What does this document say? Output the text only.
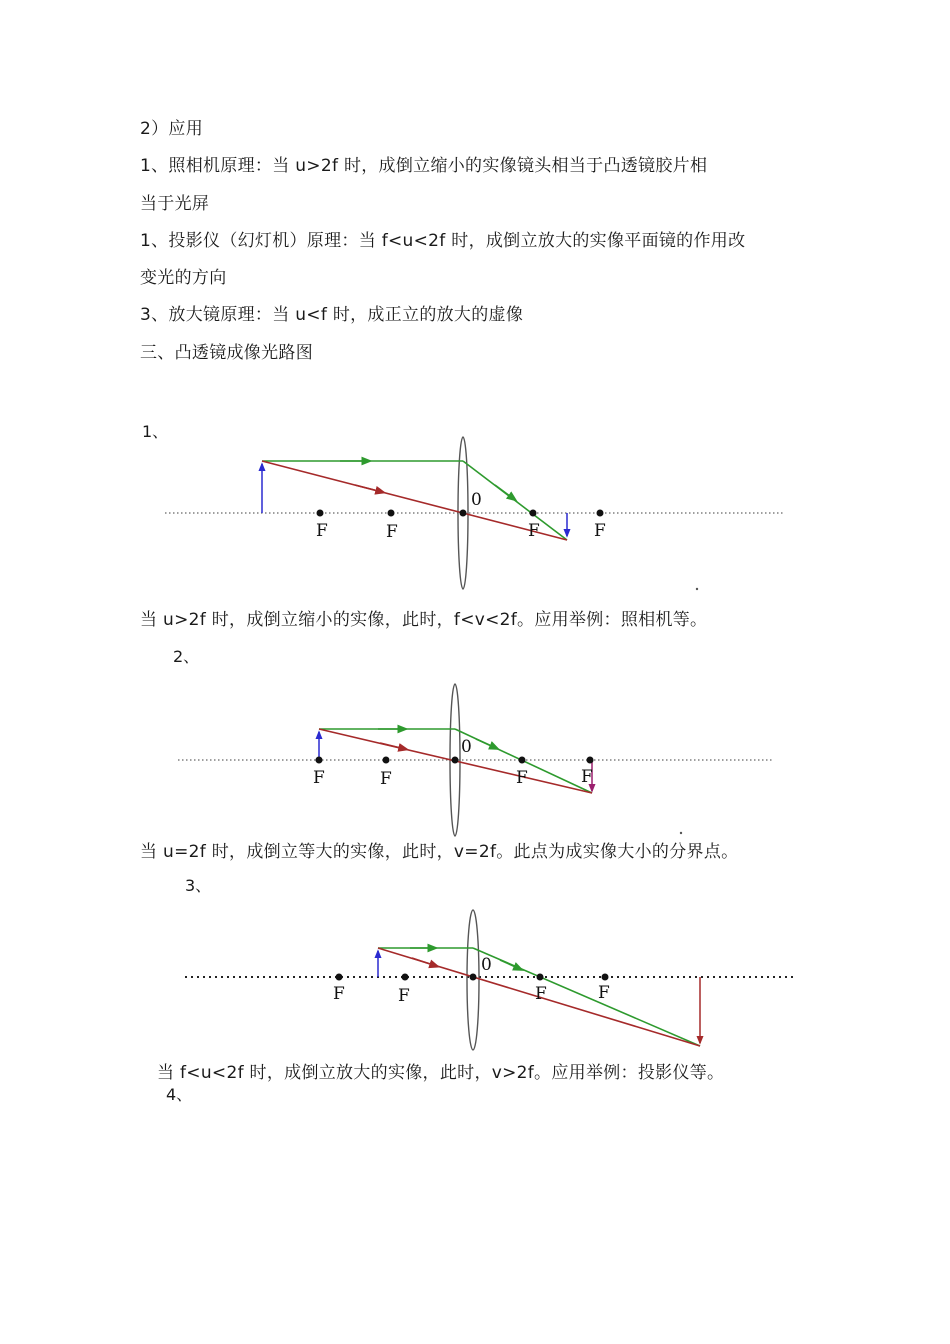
2）应用

1、照相机原理：当 u>2f 时，成倒立缩小的实像镜头相当于凸透镜胶片相

当于光屏

1、投影仪（幻灯机）原理：当 f<u<2f 时，成倒立放大的实像平面镜的作用改

变光的方向

3、放大镜原理：当 u<f 时，成正立的放大的虚像

三、凸透镜成像光路图

1、
0
F	F	F	F

当 u>2f 时，成倒立缩小的实像，此时，f<v<2f。应用举例：照相机等。

2、
0
F	F	F	F

当 u=2f 时，成倒立等大的实像，此时，v=2f。此点为成实像大小的分界点。

3、
0
F	F	F	F

当 f<u<2f 时，成倒立放大的实像，此时，v>2f。应用举例：投影仪等。

4、
